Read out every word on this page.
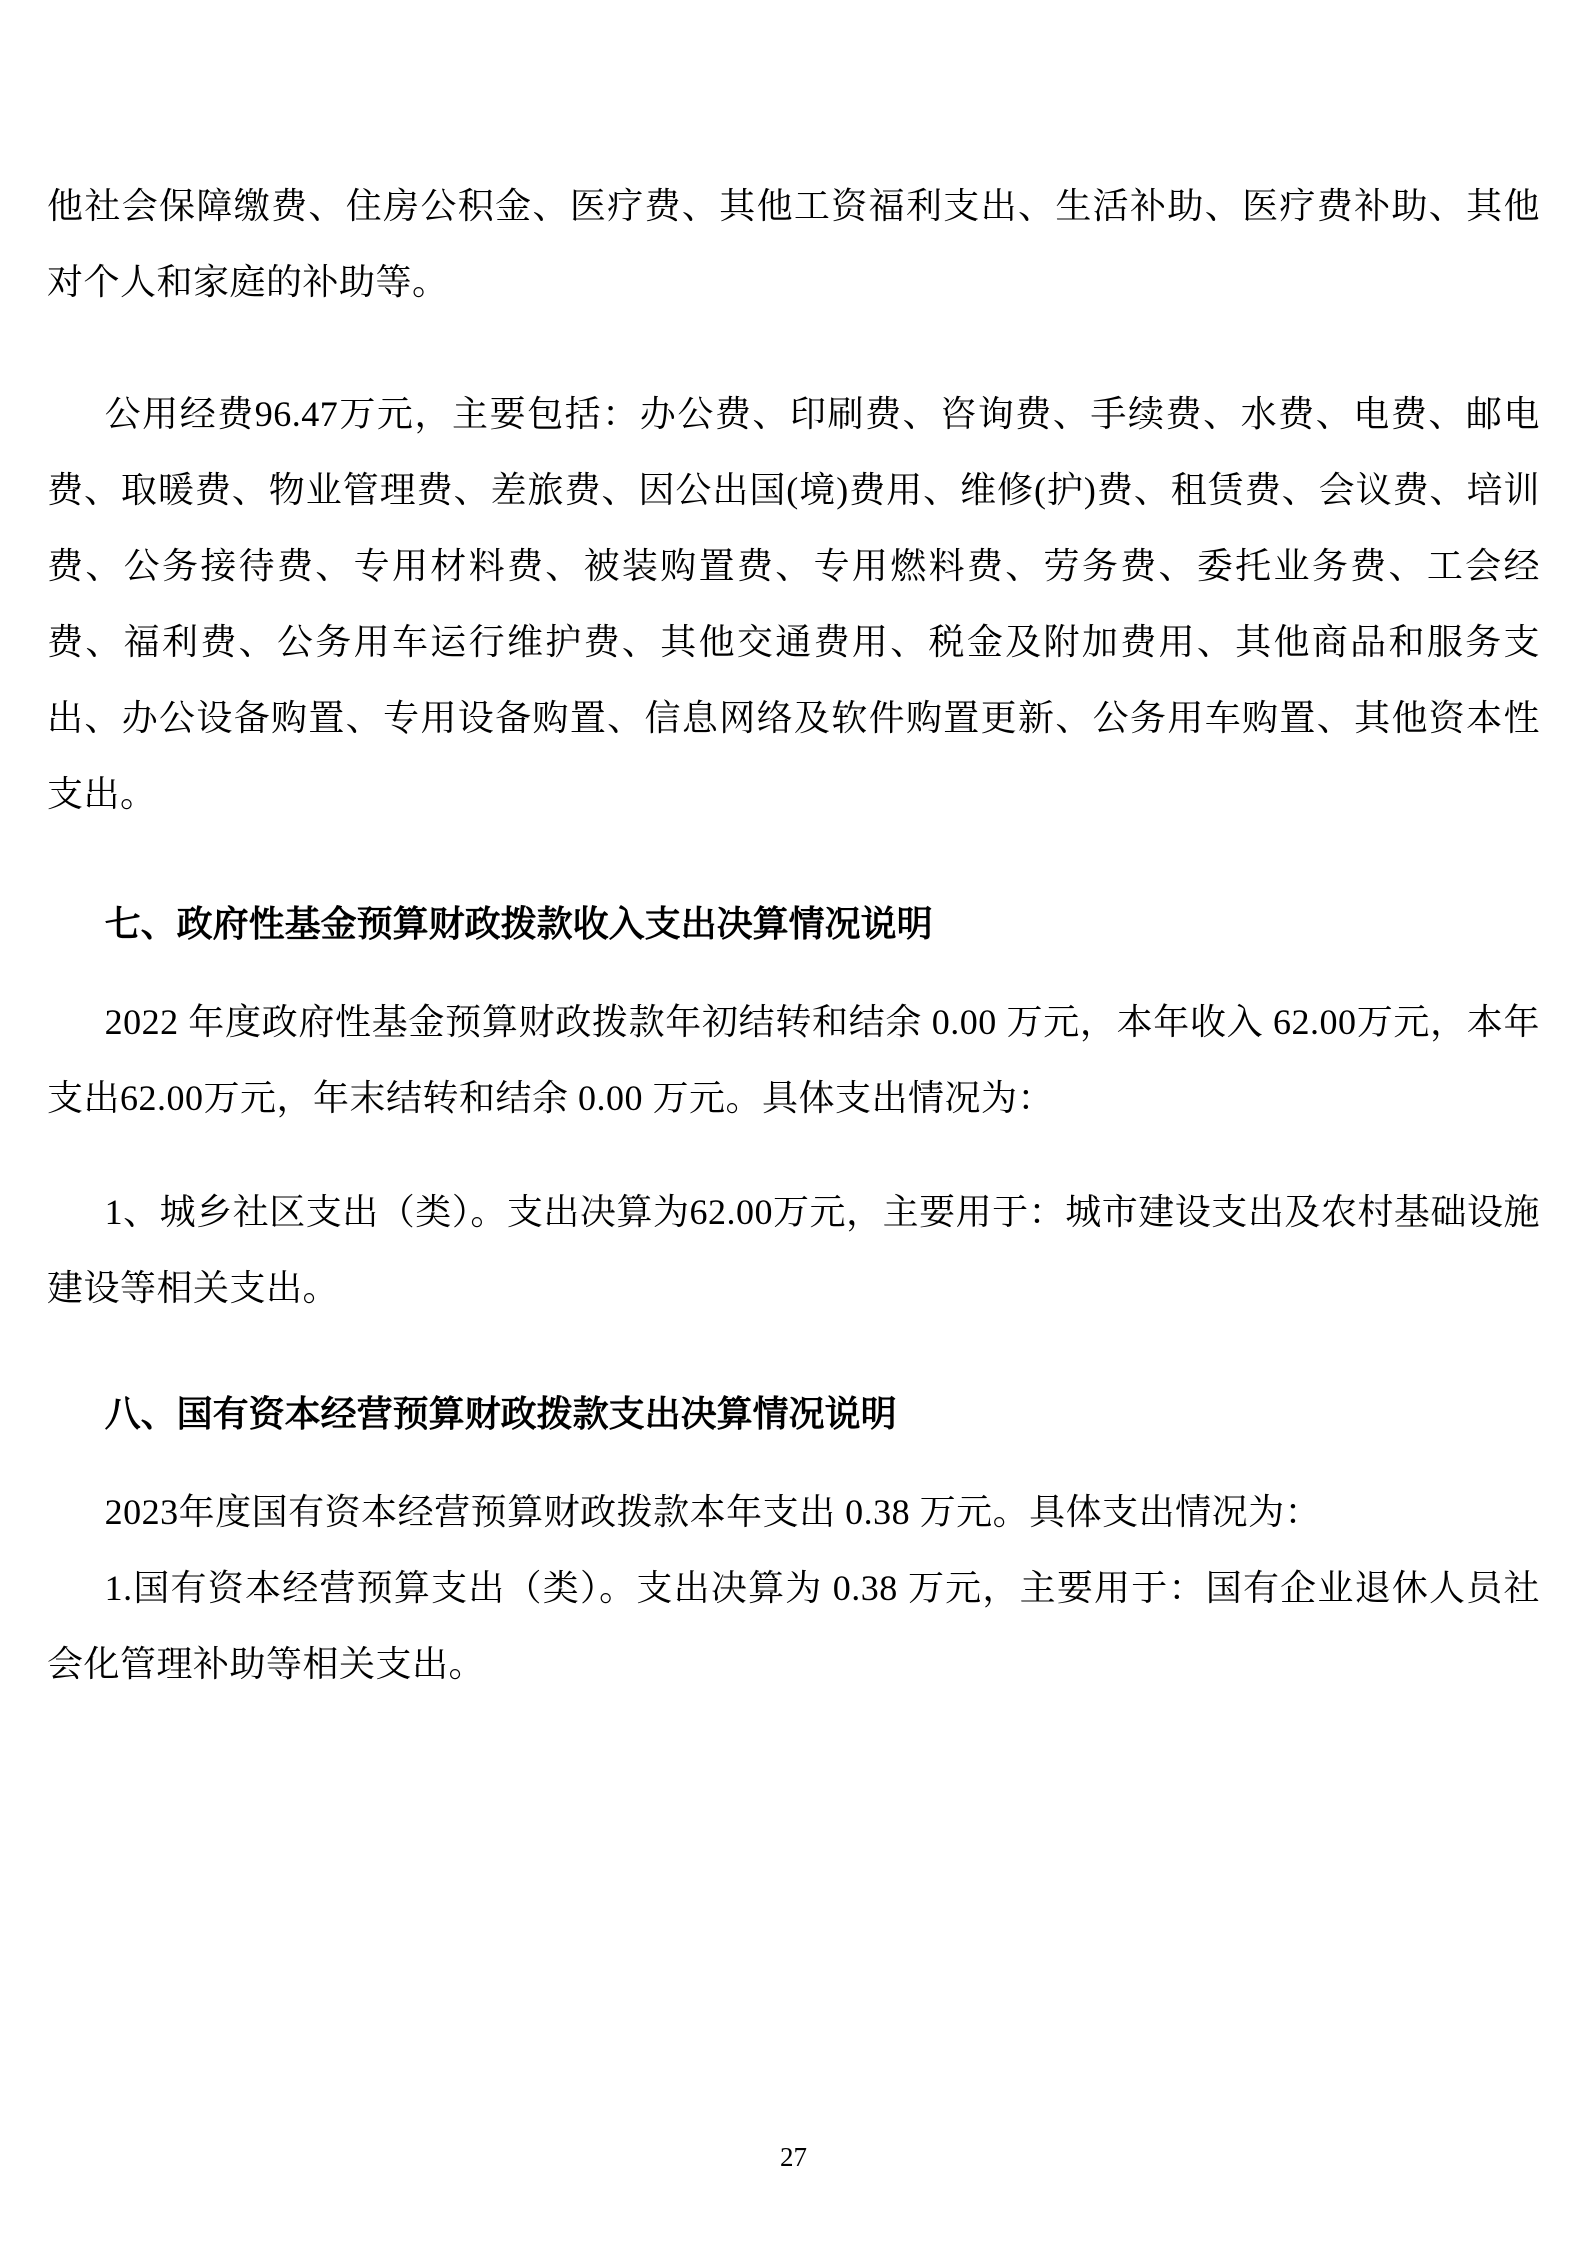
他社会保障缴费、住房公积金、医疗费、其他工资福利支出、生活补助、医疗费补助、其他对个人和家庭的补助等。

公用经费96.47万元，主要包括：办公费、印刷费、咨询费、手续费、水费、电费、邮电费、取暖费、物业管理费、差旅费、因公出国(境)费用、维修(护)费、租赁费、会议费、培训费、公务接待费、专用材料费、被装购置费、专用燃料费、劳务费、委托业务费、工会经费、福利费、公务用车运行维护费、其他交通费用、税金及附加费用、其他商品和服务支出、办公设备购置、专用设备购置、信息网络及软件购置更新、公务用车购置、其他资本性支出。

七、政府性基金预算财政拨款收入支出决算情况说明

2022 年度政府性基金预算财政拨款年初结转和结余 0.00 万元，本年收入 62.00万元，本年支出62.00万元，年末结转和结余 0.00 万元。具体支出情况为：

1、城乡社区支出（类）。支出决算为62.00万元，主要用于：城市建设支出及农村基础设施建设等相关支出。

八、国有资本经营预算财政拨款支出决算情况说明

2023年度国有资本经营预算财政拨款本年支出 0.38 万元。具体支出情况为：

1.国有资本经营预算支出（类）。支出决算为 0.38 万元，主要用于：国有企业退休人员社会化管理补助等相关支出。

27
